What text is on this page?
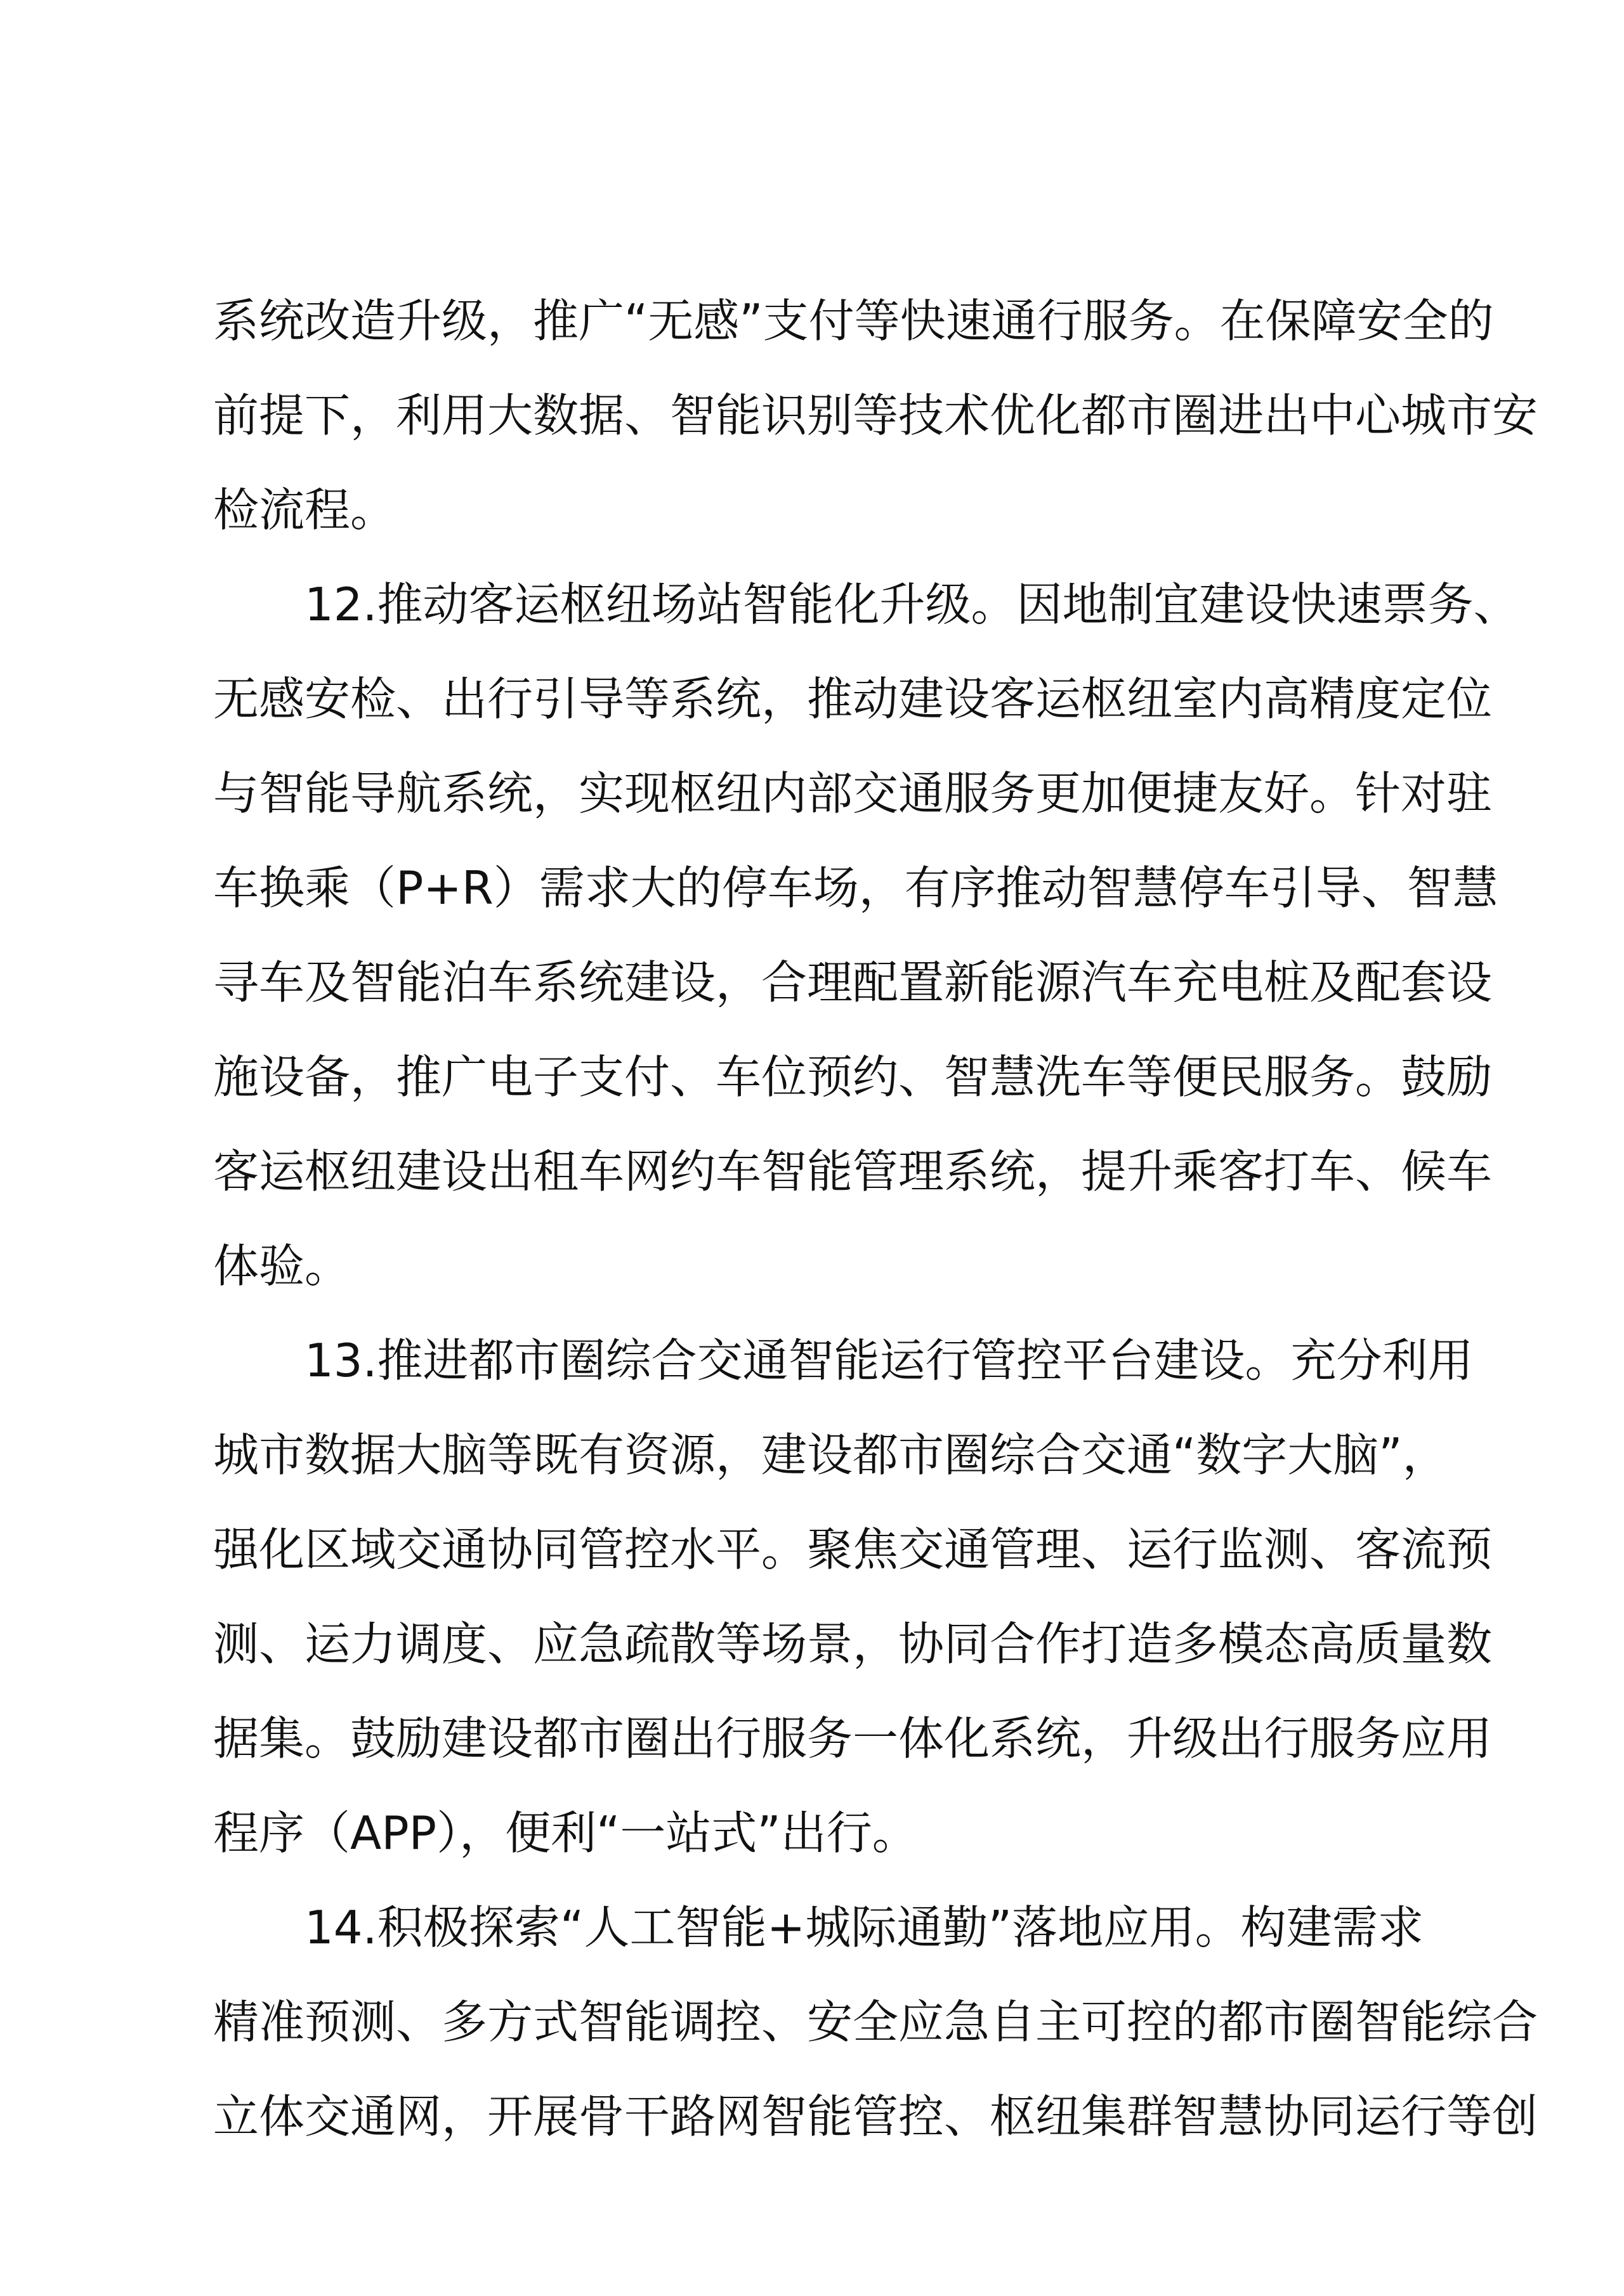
系统改造升级，推广“无感”支付等快速通行服务。在保障安全的
前提下，利用大数据、智能识别等技术优化都市圈进出中心城市安
检流程。

12.推动客运枢纽场站智能化升级。因地制宜建设快速票务、
无感安检、出行引导等系统，推动建设客运枢纽室内高精度定位
与智能导航系统，实现枢纽内部交通服务更加便捷友好。针对驻
车换乘（P+R）需求大的停车场，有序推动智慧停车引导、智慧
寻车及智能泊车系统建设，合理配置新能源汽车充电桩及配套设
施设备，推广电子支付、车位预约、智慧洗车等便民服务。鼓励
客运枢纽建设出租车网约车智能管理系统，提升乘客打车、候车
体验。

13.推进都市圈综合交通智能运行管控平台建设。充分利用
城市数据大脑等既有资源，建设都市圈综合交通“数字大脑”，
强化区域交通协同管控水平。聚焦交通管理、运行监测、客流预
测、运力调度、应急疏散等场景，协同合作打造多模态高质量数
据集。鼓励建设都市圈出行服务一体化系统，升级出行服务应用
程序（APP），便利“一站式”出行。

14.积极探索“人工智能+城际通勤”落地应用。构建需求
精准预测、多方式智能调控、安全应急自主可控的都市圈智能综合
立体交通网，开展骨干路网智能管控、枢纽集群智慧协同运行等创
